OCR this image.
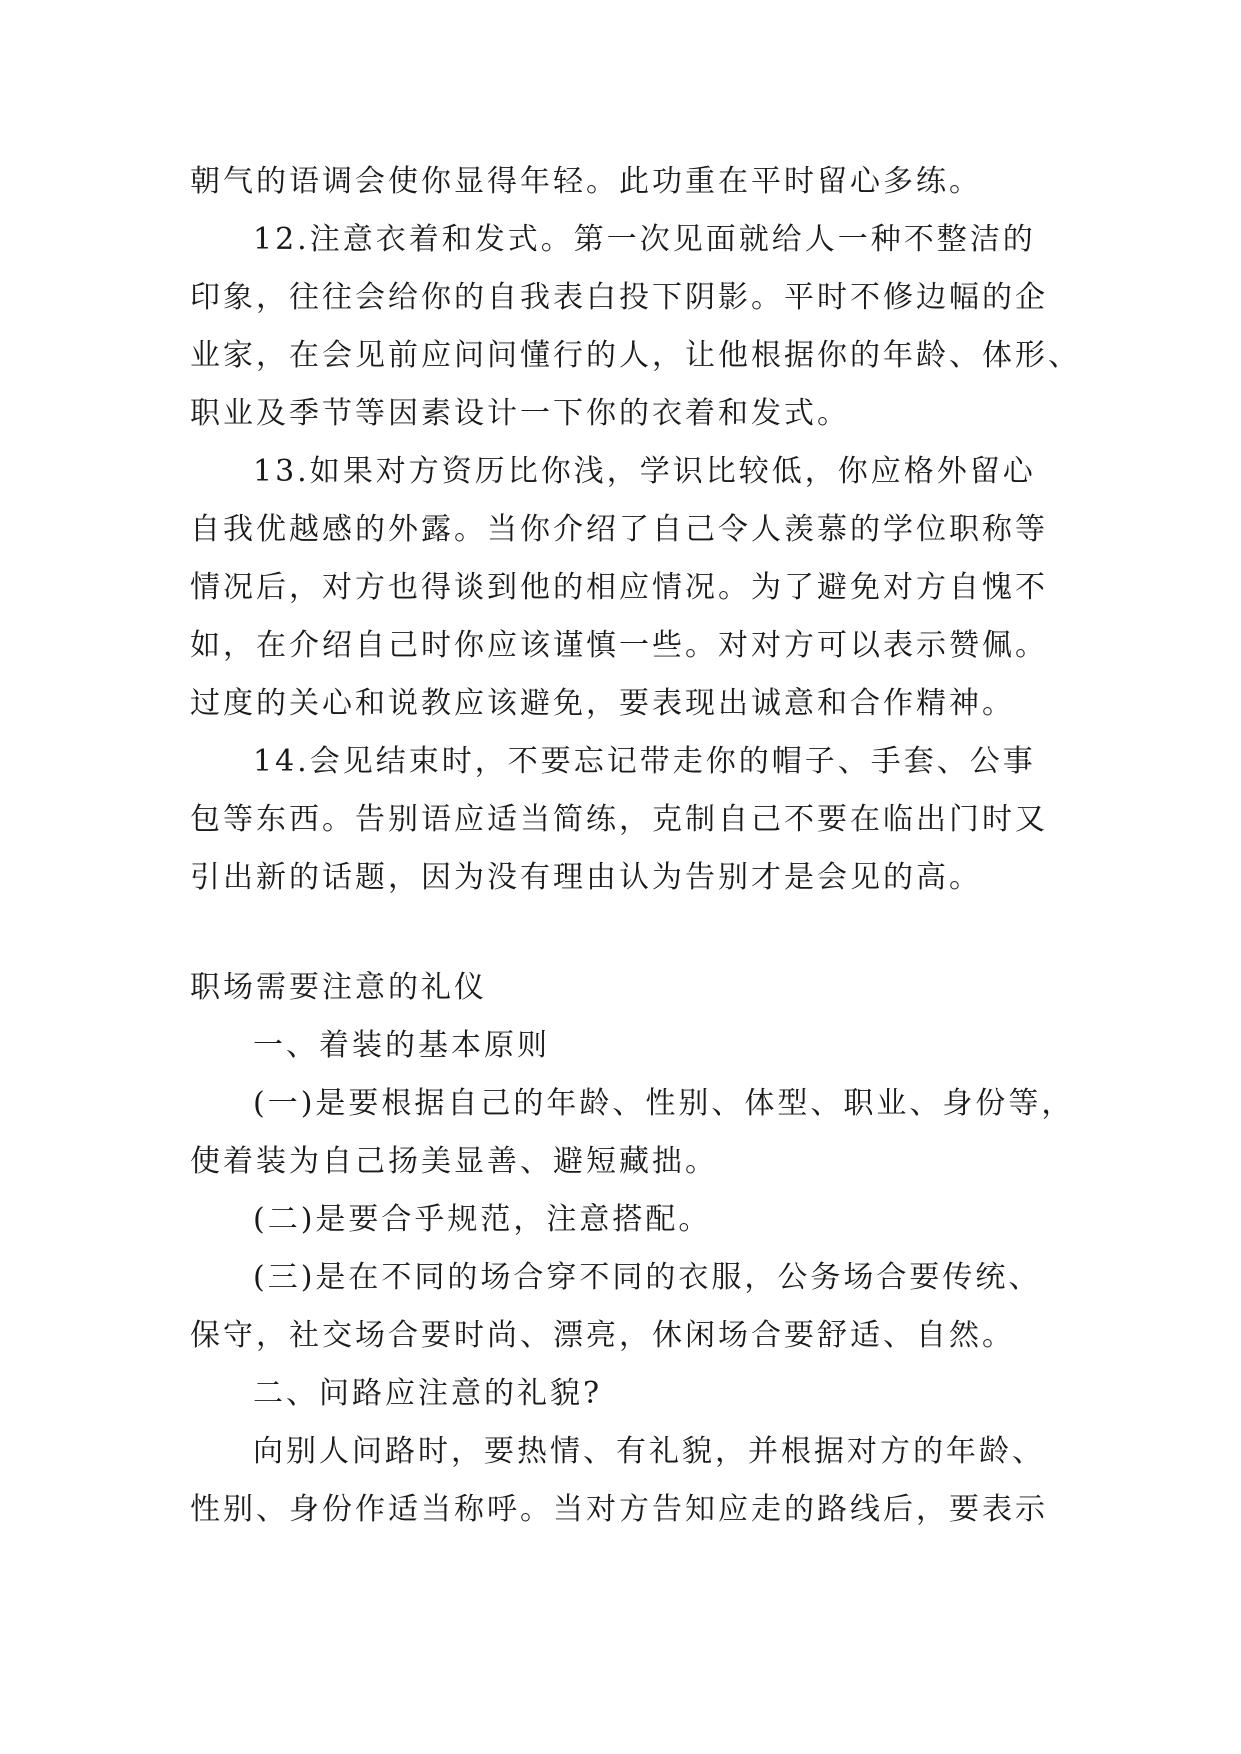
朝气的语调会使你显得年轻。此功重在平时留心多练。
12.注意衣着和发式。第一次见面就给人一种不整洁的
印象，往往会给你的自我表白投下阴影。平时不修边幅的企
业家，在会见前应问问懂行的人，让他根据你的年龄、体形、
职业及季节等因素设计一下你的衣着和发式。
13.如果对方资历比你浅，学识比较低，你应格外留心
自我优越感的外露。当你介绍了自己令人羡慕的学位职称等
情况后，对方也得谈到他的相应情况。为了避免对方自愧不
如，在介绍自己时你应该谨慎一些。对对方可以表示赞佩。
过度的关心和说教应该避免，要表现出诚意和合作精神。
14.会见结束时，不要忘记带走你的帽子、手套、公事
包等东西。告别语应适当简练，克制自己不要在临出门时又
引出新的话题，因为没有理由认为告别才是会见的高。
职场需要注意的礼仪
一、着装的基本原则
(一)是要根据自己的年龄、性别、体型、职业、身份等，
使着装为自己扬美显善、避短藏拙。
(二)是要合乎规范，注意搭配。
(三)是在不同的场合穿不同的衣服，公务场合要传统、
保守，社交场合要时尚、漂亮，休闲场合要舒适、自然。
二、问路应注意的礼貌?
向别人问路时，要热情、有礼貌，并根据对方的年龄、
性别、身份作适当称呼。当对方告知应走的路线后，要表示
